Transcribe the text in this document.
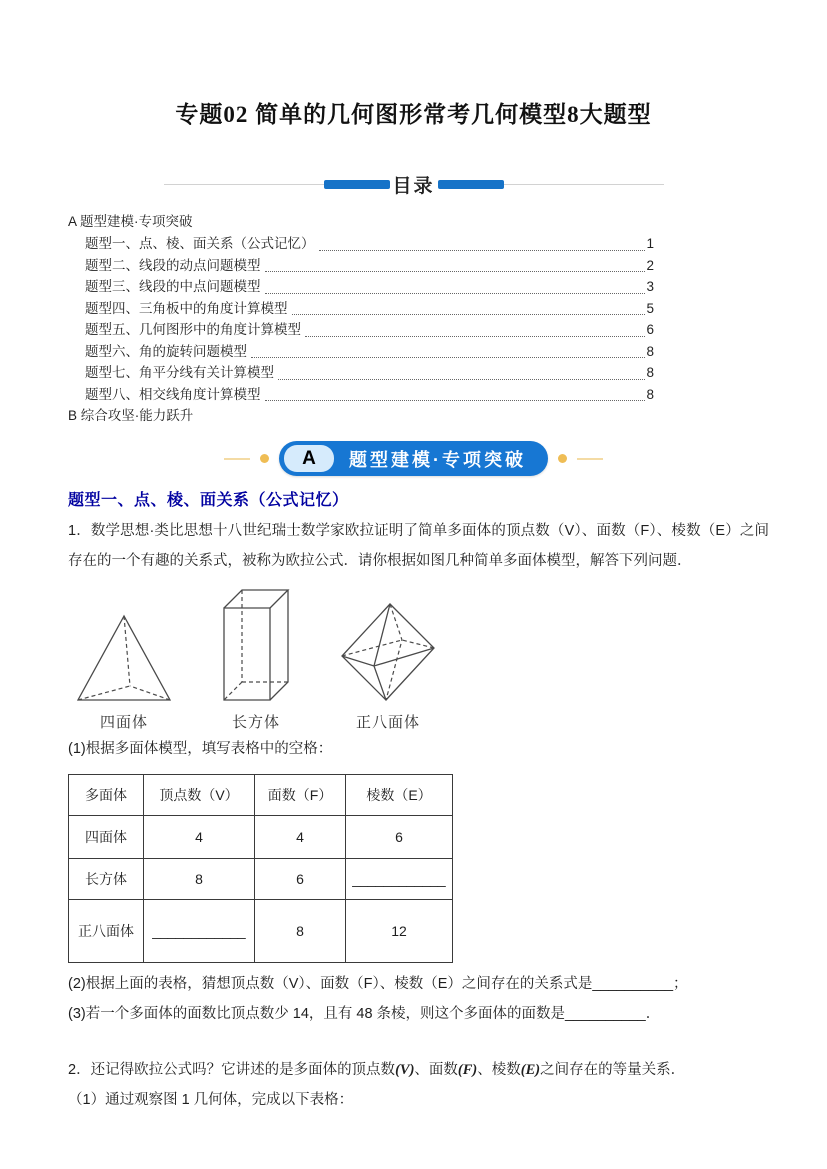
专题02 简单的几何图形常考几何模型8大题型
目录
A 题型建模·专项突破
题型一、点、棱、面关系（公式记忆）	1
题型二、线段的动点问题模型	2
题型三、线段的中点问题模型	3
题型四、三角板中的角度计算模型	5
题型五、几何图形中的角度计算模型	6
题型六、角的旋转问题模型	8
题型七、角平分线有关计算模型	8
题型八、相交线角度计算模型	8
B 综合攻坚·能力跃升
A	题型建模·专项突破
题型一、点、棱、面关系（公式记忆）

1．数学思想·类比思想十八世纪瑞士数学家欧拉证明了简单多面体的顶点数（V）、面数（F）、棱数（E）之间存在的一个有趣的关系式，被称为欧拉公式．请你根据如图几种简单多面体模型，解答下列问题．

四面体	长方体	正八面体

(1)根据多面体模型，填写表格中的空格：

多面体	顶点数（V）	面数（F）	棱数（E）
四面体	4	4	6
长方体	8	6	____________
正八面体	____________	8	12

(2)根据上面的表格，猜想顶点数（V）、面数（F）、棱数（E）之间存在的关系式是__________；

(3)若一个多面体的面数比顶点数少 14，且有 48 条棱，则这个多面体的面数是__________．

2．还记得欧拉公式吗？它讲述的是多面体的顶点数(V)、面数(F)、棱数(E)之间存在的等量关系．

（1）通过观察图 1 几何体，完成以下表格：
